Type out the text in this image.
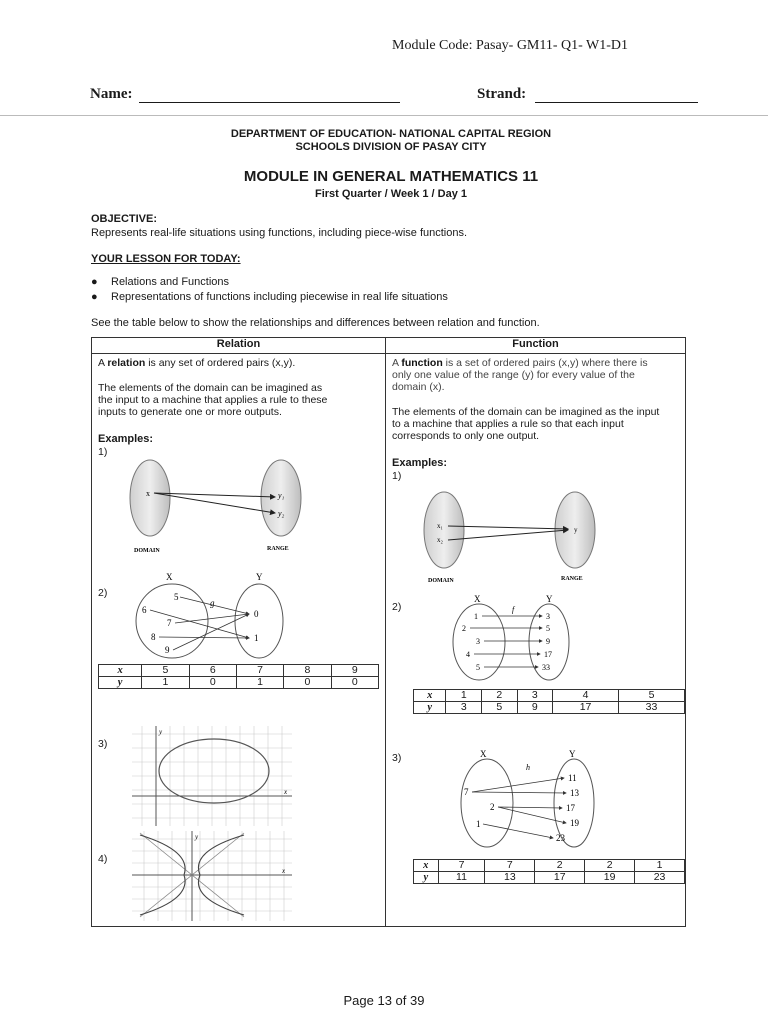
Module Code: Pasay- GM11- Q1- W1-D1
Name:	Strand:
DEPARTMENT OF EDUCATION- NATIONAL CAPITAL REGION
SCHOOLS DIVISION OF PASAY CITY
MODULE IN GENERAL MATHEMATICS 11
First Quarter / Week 1 / Day 1
OBJECTIVE:
Represents real-life situations using functions, including piece-wise functions.
YOUR LESSON FOR TODAY:
● Relations and Functions
● Representations of functions including piecewise in real life situations
See the table below to show the relationships and differences between relation and function.
Relation	Function

A relation is any set of ordered pairs (x,y).
The elements of the domain can be imagined as
the input to a machine that applies a rule to these
inputs to generate one or more outputs.
Examples:
1)
x	y₁
y₂
DOMAIN	RANGE
2)
X	Y
g
5
6
7
8
9
0
1
x	5	6	7	8	9
y	1	0	1	0	0
3)
y
x
4)
y
x

A function is a set of ordered pairs (x,y) where there is
only one value of the range (y) for every value of the
domain (x).
The elements of the domain can be imagined as the input
to a machine that applies a rule so that each input
corresponds to only one output.
Examples:
1)
x₁
x₂
y
DOMAIN	RANGE
2)
X	Y
f
1
2
3
4
5
3
5
9
17
33
x	1	2	3	4	5
y	3	5	9	17	33
3)	X	Y
h
7
2
1
11
13
17
19
23
x	7	7	2	2	1
y	11	13	17	19	23
Page 13 of 39
